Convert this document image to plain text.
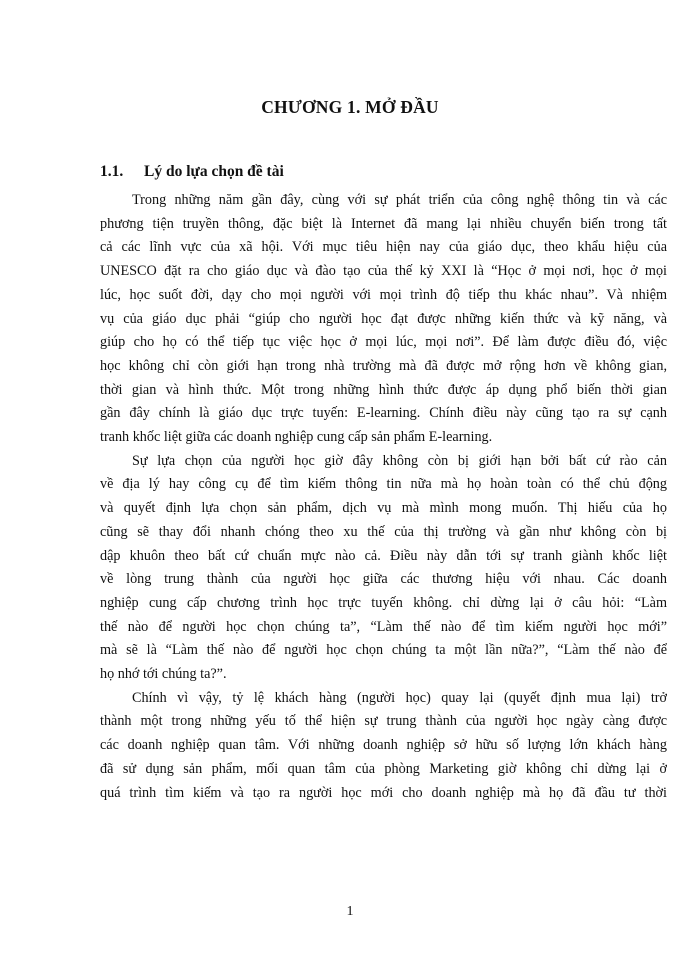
CHƯƠNG 1. MỞ ĐẦU
1.1. Lý do lựa chọn đề tài
Trong những năm gần đây, cùng với sự phát triển của công nghệ thông tin và các
phương tiện truyền thông, đặc biệt là Internet đã mang lại nhiều chuyển biến trong tất
cả các lĩnh vực của xã hội. Với mục tiêu hiện nay của giáo dục, theo khẩu hiệu của
UNESCO đặt ra cho giáo dục và đào tạo của thế kỷ XXI là “Học ở mọi nơi, học ở mọi
lúc, học suốt đời, dạy cho mọi người với mọi trình độ tiếp thu khác nhau”. Và nhiệm
vụ của giáo dục phải “giúp cho người học đạt được những kiến thức và kỹ năng, và
giúp cho họ có thể tiếp tục việc học ở mọi lúc, mọi nơi”. Để làm được điều đó, việc
học không chỉ còn giới hạn trong nhà trường mà đã được mở rộng hơn về không gian,
thời gian và hình thức. Một trong những hình thức được áp dụng phổ biến thời gian
gần đây chính là giáo dục trực tuyến: E-learning. Chính điều này cũng tạo ra sự cạnh
tranh khốc liệt giữa các doanh nghiệp cung cấp sản phẩm E-learning.
Sự lựa chọn của người học giờ đây không còn bị giới hạn bởi bất cứ rào cản
về địa lý hay công cụ để tìm kiếm thông tin nữa mà họ hoàn toàn có thể chủ động
và quyết định lựa chọn sản phẩm, dịch vụ mà mình mong muốn. Thị hiếu của họ
cũng sẽ thay đổi nhanh chóng theo xu thế của thị trường và gần như không còn bị
dập khuôn theo bất cứ chuẩn mực nào cả. Điều này dẫn tới sự tranh giành khốc liệt
về lòng trung thành của người học giữa các thương hiệu với nhau. Các doanh
nghiệp cung cấp chương trình học trực tuyến không. chỉ dừng lại ở câu hỏi: “Làm
thế nào để người học chọn chúng ta”, “Làm thế nào để tìm kiếm người học mới”
mà sẽ là “Làm thế nào để người học chọn chúng ta một lần nữa?”, “Làm thế nào để
họ nhớ tới chúng ta?”.
Chính vì vậy, tỷ lệ khách hàng (người học) quay lại (quyết định mua lại) trở
thành một trong những yếu tố thể hiện sự trung thành của người học ngày càng được
các doanh nghiệp quan tâm. Với những doanh nghiệp sở hữu số lượng lớn khách hàng
đã sử dụng sản phẩm, mối quan tâm của phòng Marketing giờ không chỉ dừng lại ở
quá trình tìm kiếm và tạo ra người học mới cho doanh nghiệp mà họ đã đầu tư thời
1
